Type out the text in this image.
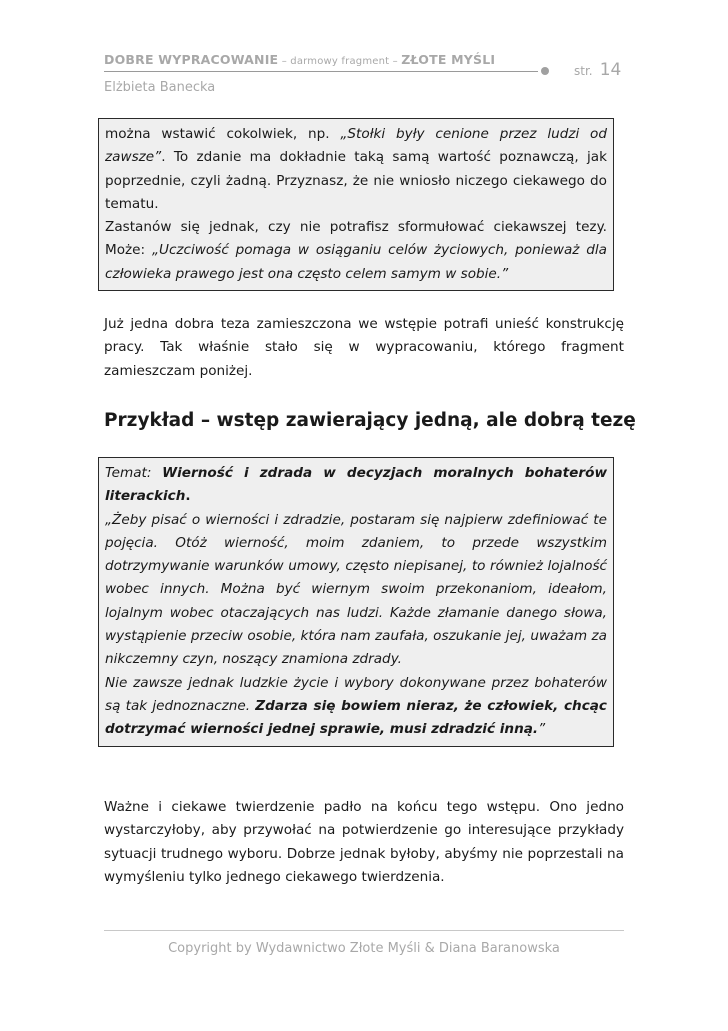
DOBRE WYPRACOWANIE – darmowy fragment – ZŁOTE MYŚLI
str. 14
Elżbieta Banecka

można wstawić cokolwiek, np. „Stołki były cenione przez ludzi od zawsze”. To zdanie ma dokładnie taką samą wartość poznawczą, jak poprzednie, czyli żadną. Przyznasz, że nie wniosło niczego ciekawego do tematu.

Zastanów się jednak, czy nie potrafisz sformułować ciekawszej tezy. Może: „Uczciwość pomaga w osiąganiu celów życiowych, ponieważ dla człowieka prawego jest ona często celem samym w sobie.”

Już jedna dobra teza zamieszczona we wstępie potrafi unieść konstrukcję pracy. Tak właśnie stało się w wypracowaniu, którego fragment zamieszczam poniżej.

Przykład – wstęp zawierający jedną, ale dobrą tezę

Temat: Wierność i zdrada w decyzjach moralnych bohaterów literackich.

„Żeby pisać o wierności i zdradzie, postaram się najpierw zdefiniować te pojęcia. Otóż wierność, moim zdaniem, to przede wszystkim dotrzymywanie warunków umowy, często niepisanej, to również lojalność wobec innych. Można być wiernym swoim przekonaniom, ideałom, lojalnym wobec otaczających nas ludzi. Każde złamanie danego słowa, wystąpienie przeciw osobie, która nam zaufała, oszukanie jej, uważam za nikczemny czyn, noszący znamiona zdrady.

Nie zawsze jednak ludzkie życie i wybory dokonywane przez bohaterów są tak jednoznaczne. Zdarza się bowiem nieraz, że człowiek, chcąc dotrzymać wierności jednej sprawie, musi zdradzić inną.”

Ważne i ciekawe twierdzenie padło na końcu tego wstępu. Ono jedno wystarczyłoby, aby przywołać na potwierdzenie go interesujące przykłady sytuacji trudnego wyboru. Dobrze jednak byłoby, abyśmy nie poprzestali na wymyśleniu tylko jednego ciekawego twierdzenia.

Copyright by Wydawnictwo Złote Myśli & Diana Baranowska
